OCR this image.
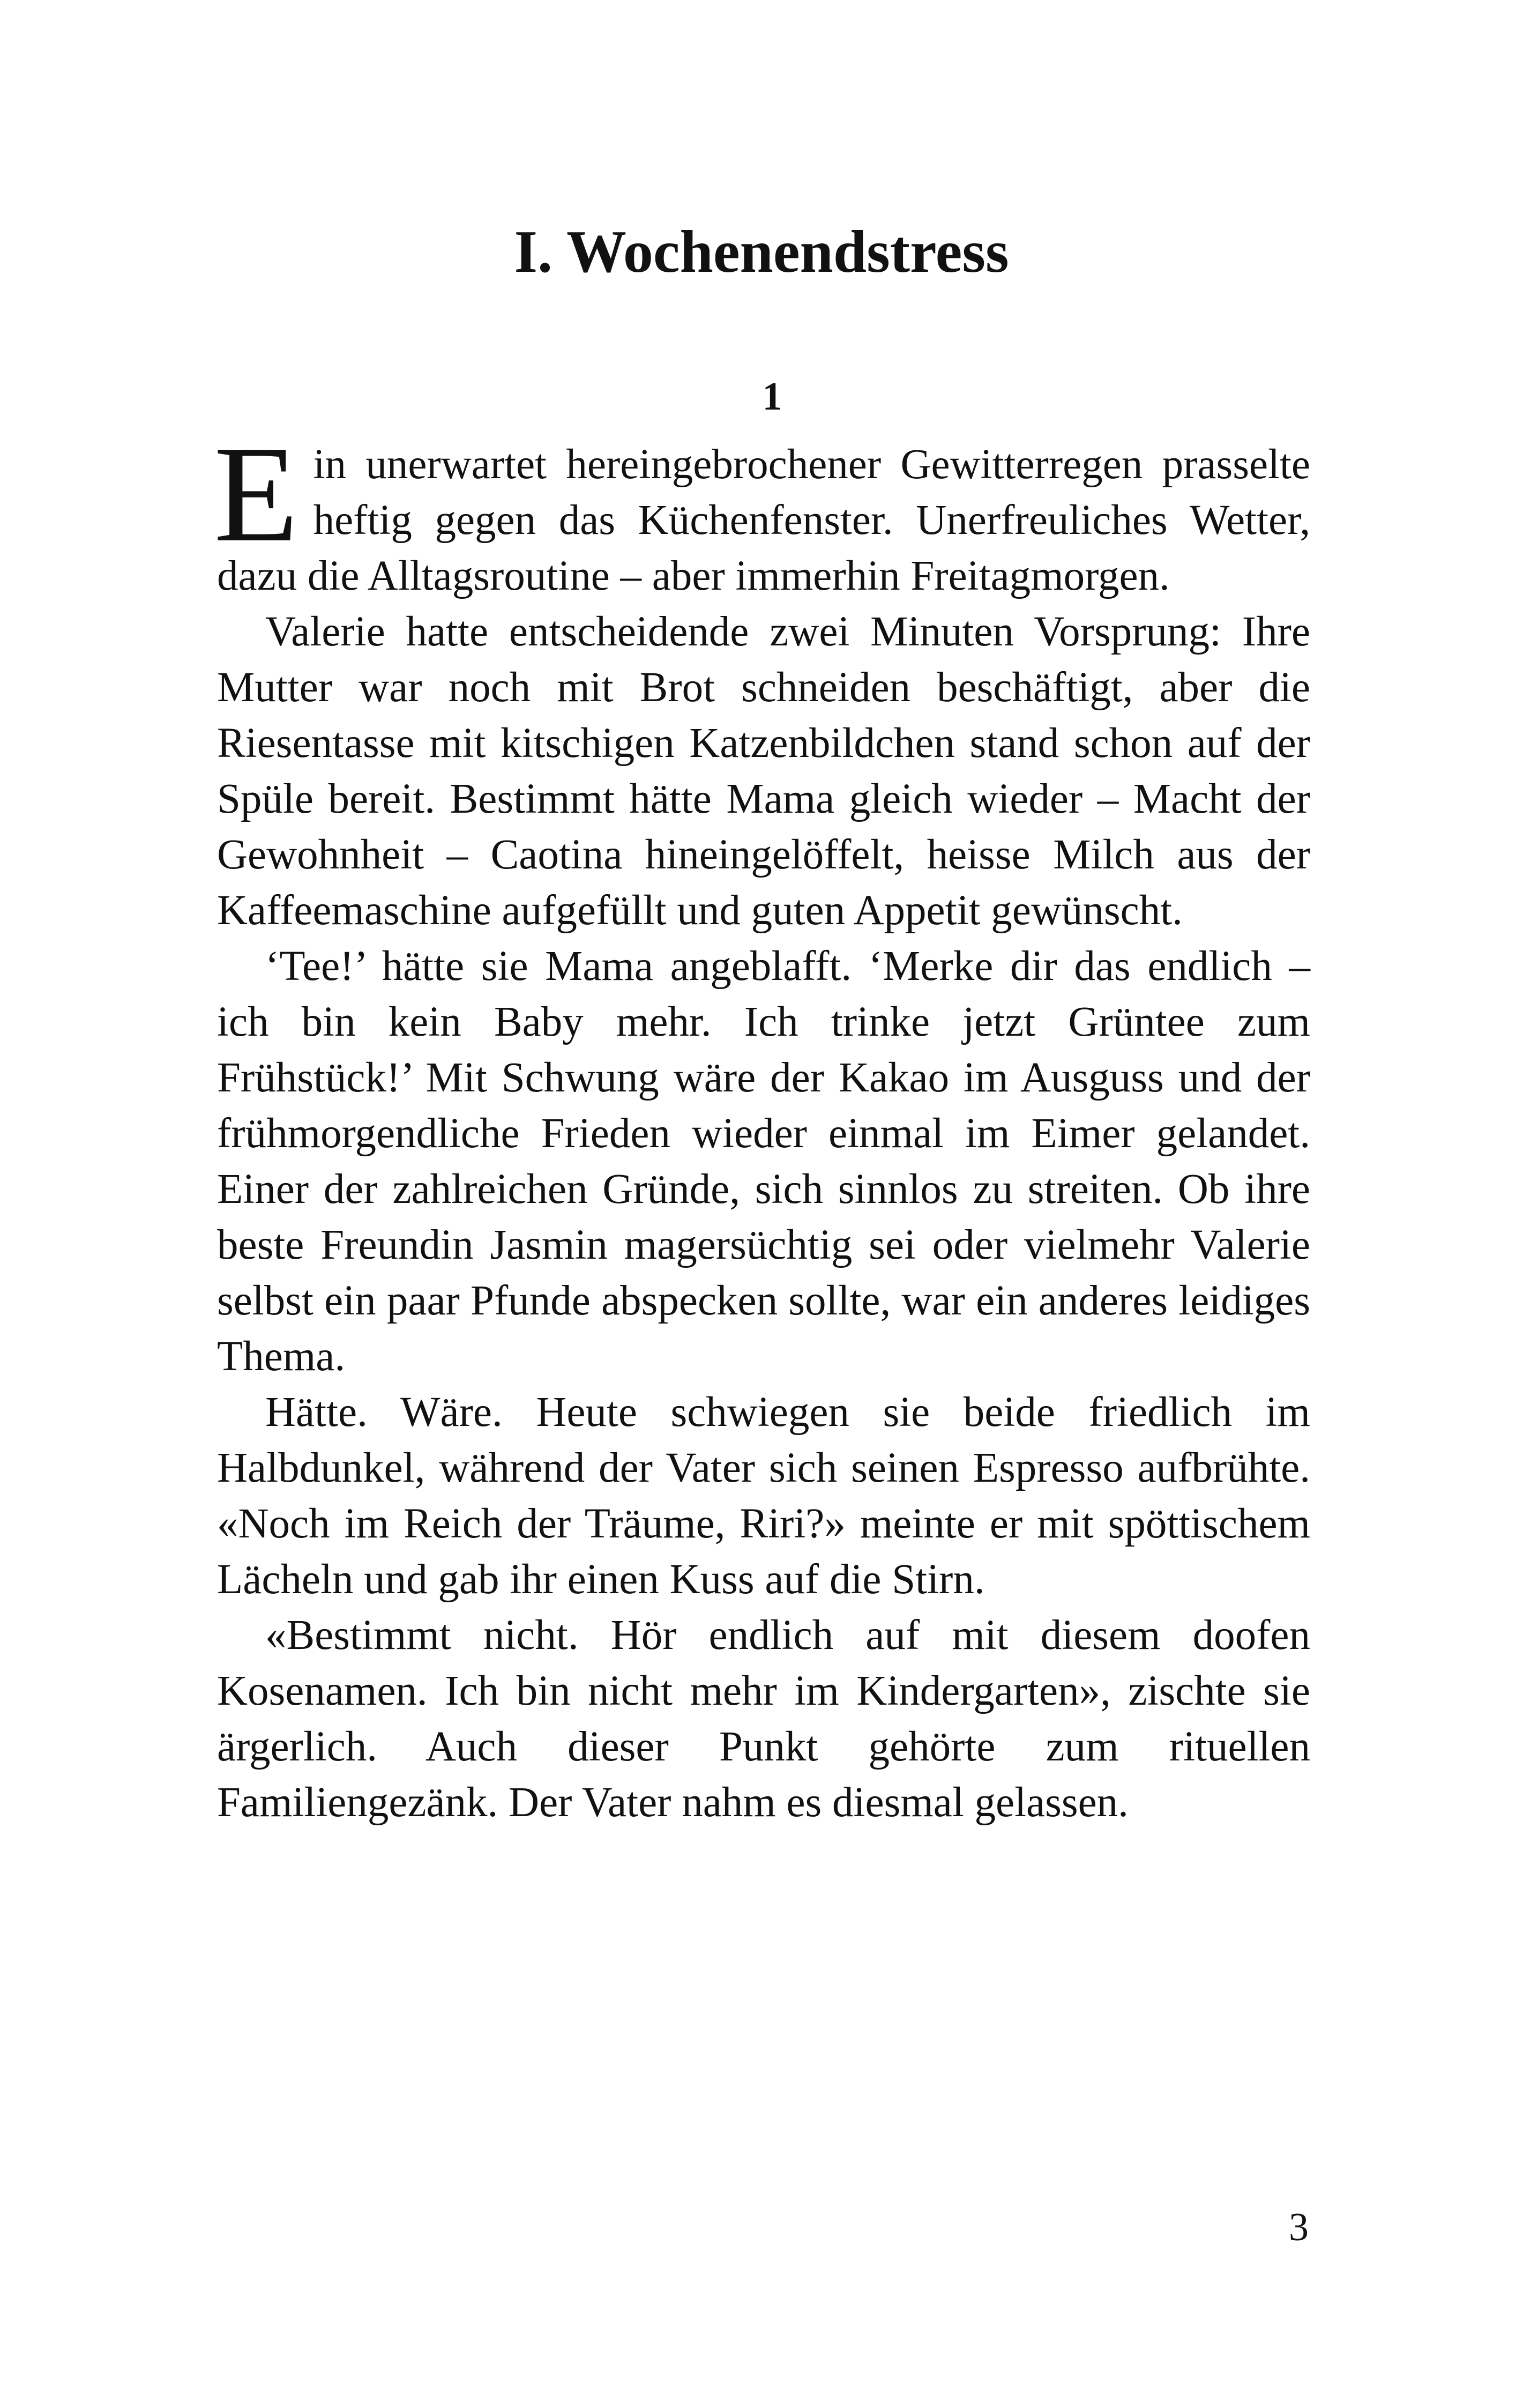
I. Wochenendstress
1

Ein unerwartet hereingebrochener Gewitterregen prasselte heftig gegen das Küchenfenster. Unerfreuliches Wetter, dazu die Alltagsroutine – aber immerhin Freitagmorgen.

Valerie hatte entscheidende zwei Minuten Vorsprung: Ihre Mutter war noch mit Brot schneiden beschäftigt, aber die Riesentasse mit kitschigen Katzenbildchen stand schon auf der Spüle bereit. Bestimmt hätte Mama gleich wieder – Macht der Gewohnheit – Caotina hineingelöffelt, heisse Milch aus der Kaffeemaschine aufgefüllt und guten Appetit gewünscht.

‘Tee!’ hätte sie Mama angeblafft. ‘Merke dir das endlich – ich bin kein Baby mehr. Ich trinke jetzt Grüntee zum Frühstück!’ Mit Schwung wäre der Kakao im Ausguss und der frühmorgendliche Frieden wieder einmal im Eimer gelandet. Einer der zahlreichen Gründe, sich sinnlos zu streiten. Ob ihre beste Freundin Jasmin magersüchtig sei oder vielmehr Valerie selbst ein paar Pfunde abspecken sollte, war ein anderes leidiges Thema.

Hätte. Wäre. Heute schwiegen sie beide friedlich im Halbdunkel, während der Vater sich seinen Espresso aufbrühte. «Noch im Reich der Träume, Riri?» meinte er mit spöttischem Lächeln und gab ihr einen Kuss auf die Stirn.

«Bestimmt nicht. Hör endlich auf mit diesem doofen Kosenamen. Ich bin nicht mehr im Kindergarten», zischte sie ärgerlich. Auch dieser Punkt gehörte zum rituellen Familiengezänk. Der Vater nahm es diesmal gelassen.

3
